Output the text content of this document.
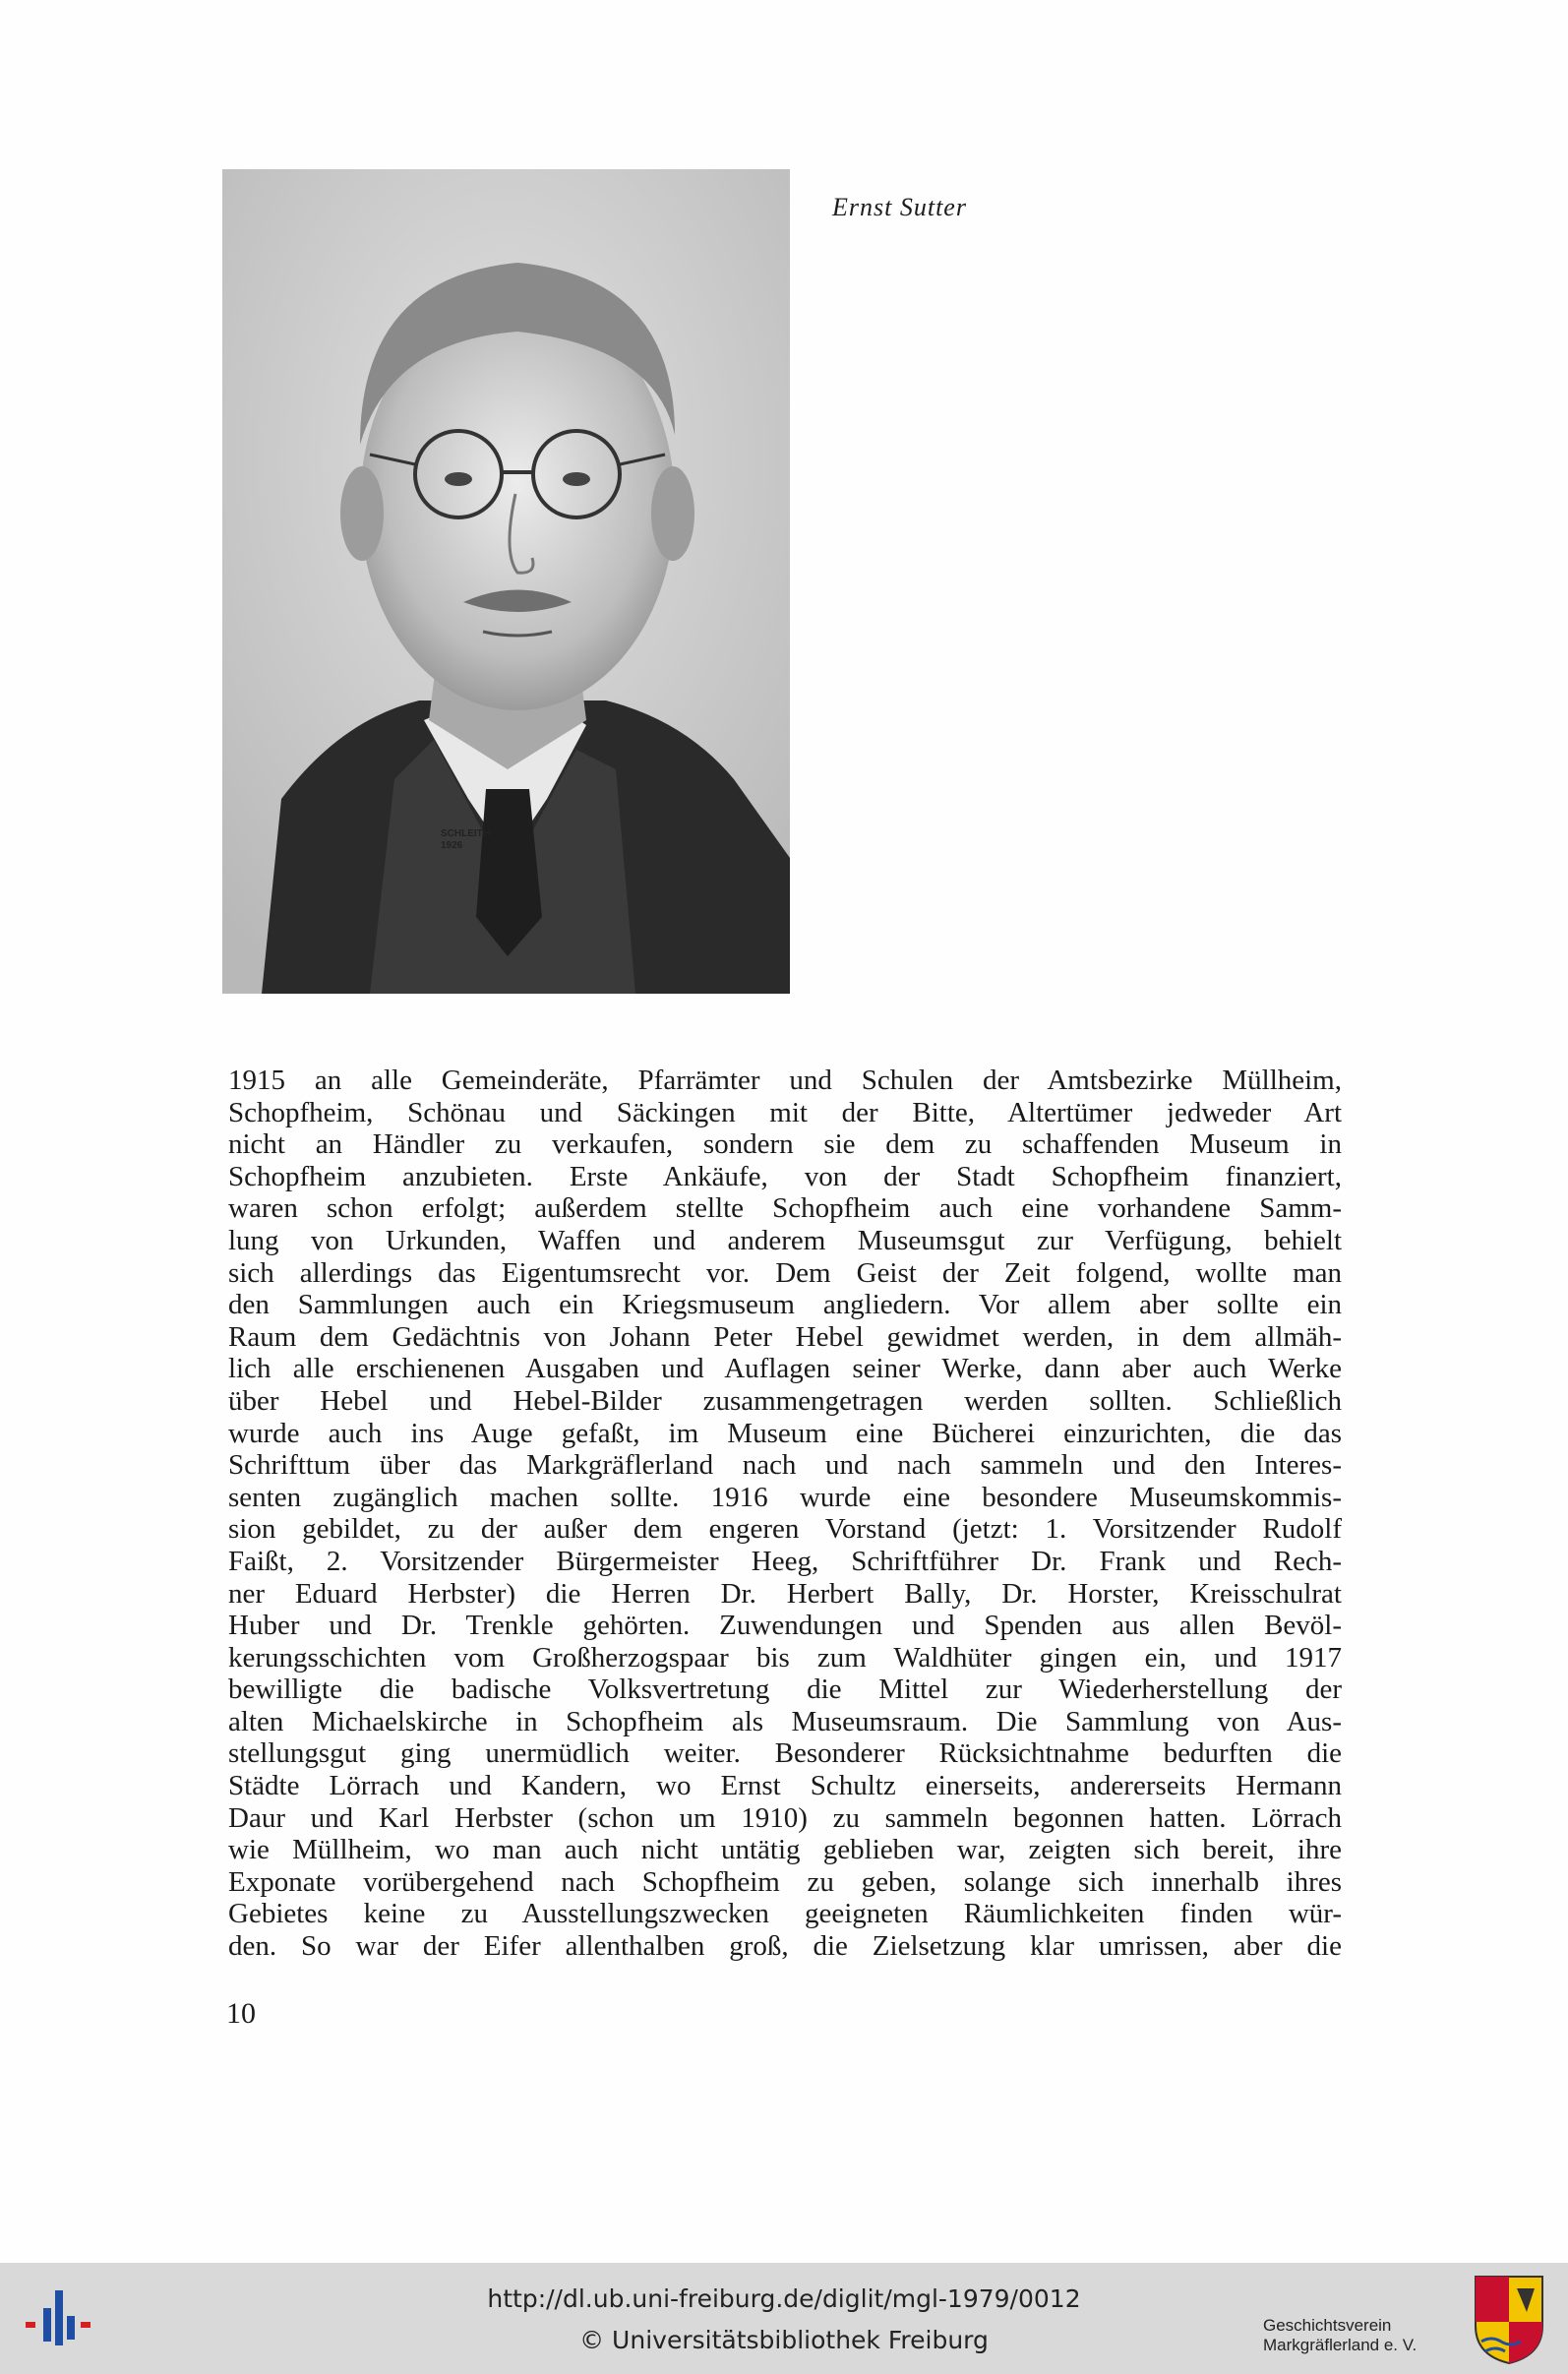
SCHLEITH
1926
Ernst Sutter
1915 an alle Gemeinderäte, Pfarrämter und Schulen der Amtsbezirke Müllheim,
Schopfheim, Schönau und Säckingen mit der Bitte, Altertümer jedweder Art
nicht an Händler zu verkaufen, sondern sie dem zu schaffenden Museum in
Schopfheim anzubieten. Erste Ankäufe, von der Stadt Schopfheim finanziert,
waren schon erfolgt; außerdem stellte Schopfheim auch eine vorhandene Samm-
lung von Urkunden, Waffen und anderem Museumsgut zur Verfügung, behielt
sich allerdings das Eigentumsrecht vor. Dem Geist der Zeit folgend, wollte man
den Sammlungen auch ein Kriegsmuseum angliedern. Vor allem aber sollte ein
Raum dem Gedächtnis von Johann Peter Hebel gewidmet werden, in dem allmäh-
lich alle erschienenen Ausgaben und Auflagen seiner Werke, dann aber auch Werke
über Hebel und Hebel-Bilder zusammengetragen werden sollten. Schließlich
wurde auch ins Auge gefaßt, im Museum eine Bücherei einzurichten, die das
Schrifttum über das Markgräflerland nach und nach sammeln und den Interes-
senten zugänglich machen sollte. 1916 wurde eine besondere Museumskommis-
sion gebildet, zu der außer dem engeren Vorstand (jetzt: 1. Vorsitzender Rudolf
Faißt, 2. Vorsitzender Bürgermeister Heeg, Schriftführer Dr. Frank und Rech-
ner Eduard Herbster) die Herren Dr. Herbert Bally, Dr. Horster, Kreisschulrat
Huber und Dr. Trenkle gehörten. Zuwendungen und Spenden aus allen Bevöl-
kerungsschichten vom Großherzogspaar bis zum Waldhüter gingen ein, und 1917
bewilligte die badische Volksvertretung die Mittel zur Wiederherstellung der
alten Michaelskirche in Schopfheim als Museumsraum. Die Sammlung von Aus-
stellungsgut ging unermüdlich weiter. Besonderer Rücksichtnahme bedurften die
Städte Lörrach und Kandern, wo Ernst Schultz einerseits, andererseits Hermann
Daur und Karl Herbster (schon um 1910) zu sammeln begonnen hatten. Lörrach
wie Müllheim, wo man auch nicht untätig geblieben war, zeigten sich bereit, ihre
Exponate vorübergehend nach Schopfheim zu geben, solange sich innerhalb ihres
Gebietes keine zu Ausstellungszwecken geeigneten Räumlichkeiten finden wür-
den. So war der Eifer allenthalben groß, die Zielsetzung klar umrissen, aber die
10
http://dl.ub.uni-freiburg.de/diglit/mgl-1979/0012
© Universitätsbibliothek Freiburg
Geschichtsverein
Markgräflerland e. V.
